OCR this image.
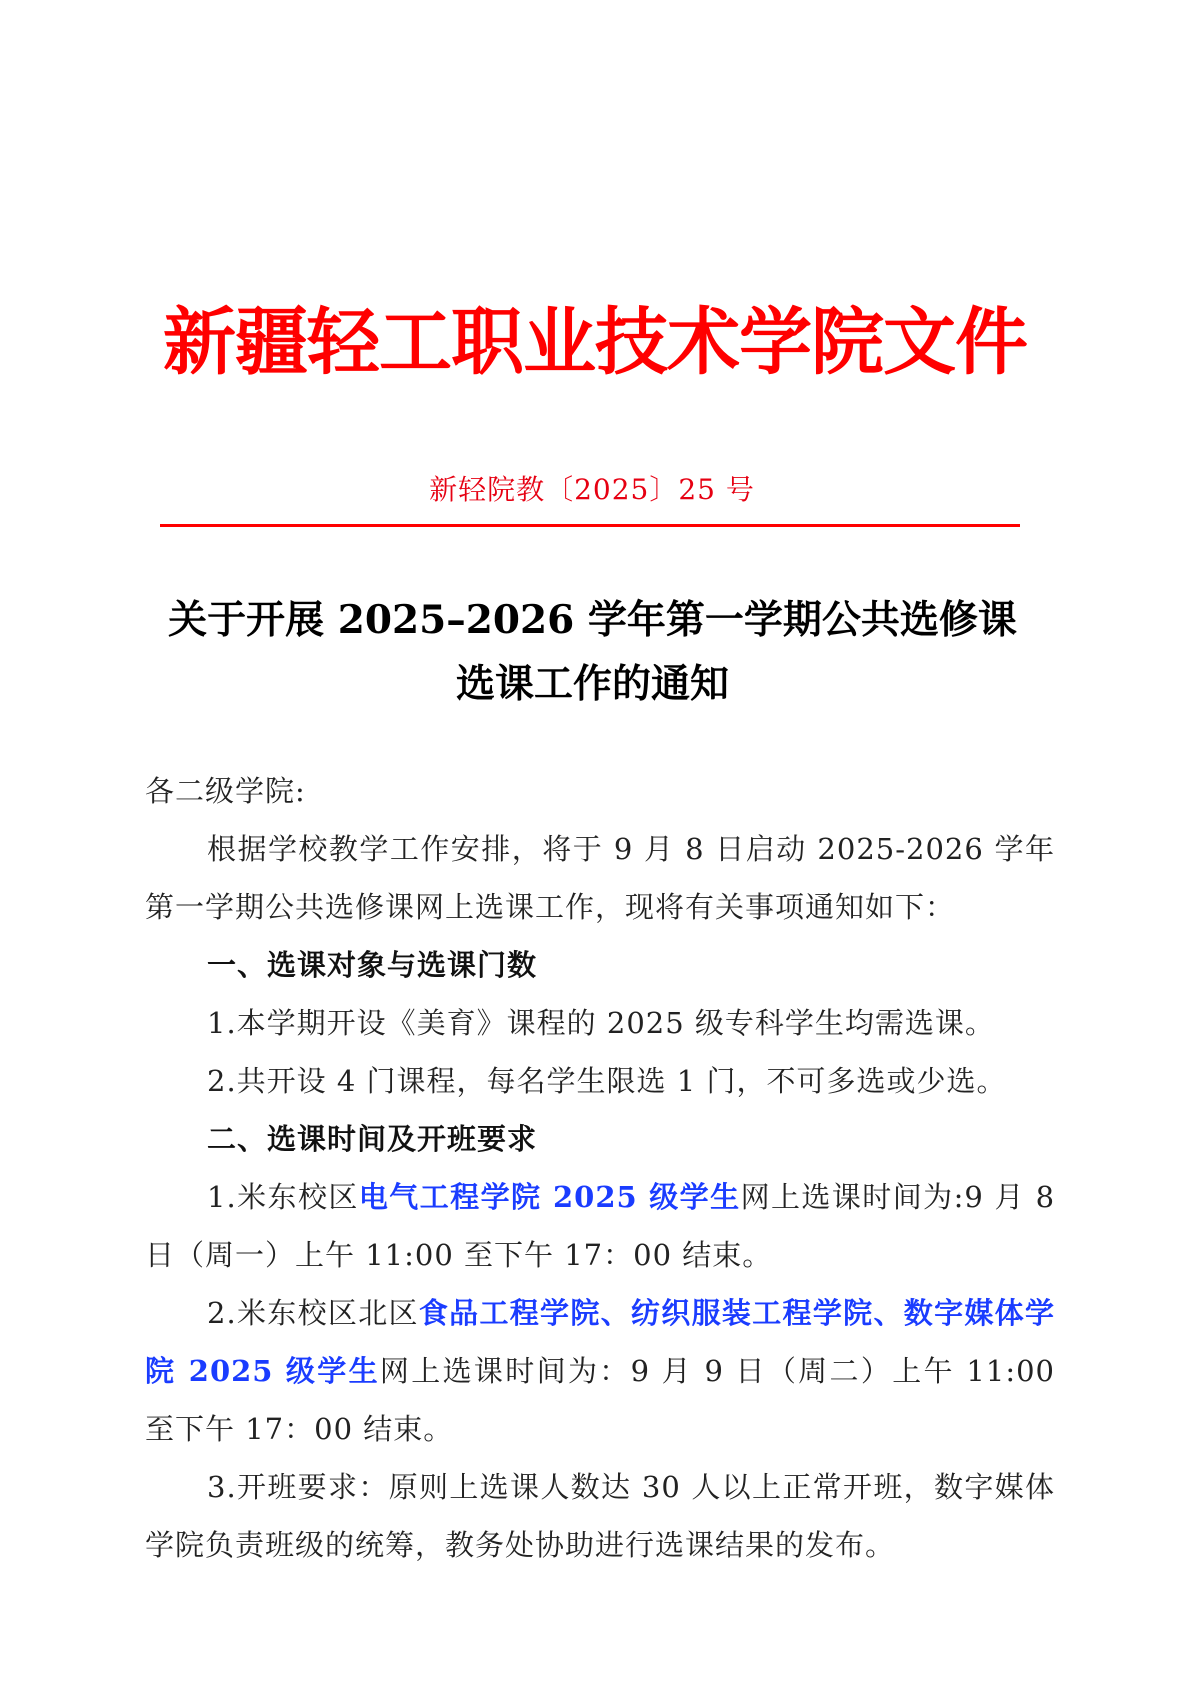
新疆轻工职业技术学院文件
新轻院教〔2025〕25 号
关于开展 2025–2026 学年第一学期公共选修课
选课工作的通知

各二级学院:

根据学校教学工作安排，将于 9 月 8 日启动 2025-2026 学年第一学期公共选修课网上选课工作，现将有关事项通知如下：

一、选课对象与选课门数

1.本学期开设《美育》课程的 2025 级专科学生均需选课。

2.共开设 4 门课程，每名学生限选 1 门，不可多选或少选。

二、选课时间及开班要求

1.米东校区电气工程学院 2025 级学生网上选课时间为:9 月 8 日（周一）上午 11:00 至下午 17：00 结束。

2.米东校区北区食品工程学院、纺织服装工程学院、数字媒体学院 2025 级学生网上选课时间为：9 月 9 日（周二）上午 11:00 至下午 17：00 结束。

3.开班要求：原则上选课人数达 30 人以上正常开班，数字媒体学院负责班级的统筹，教务处协助进行选课结果的发布。
